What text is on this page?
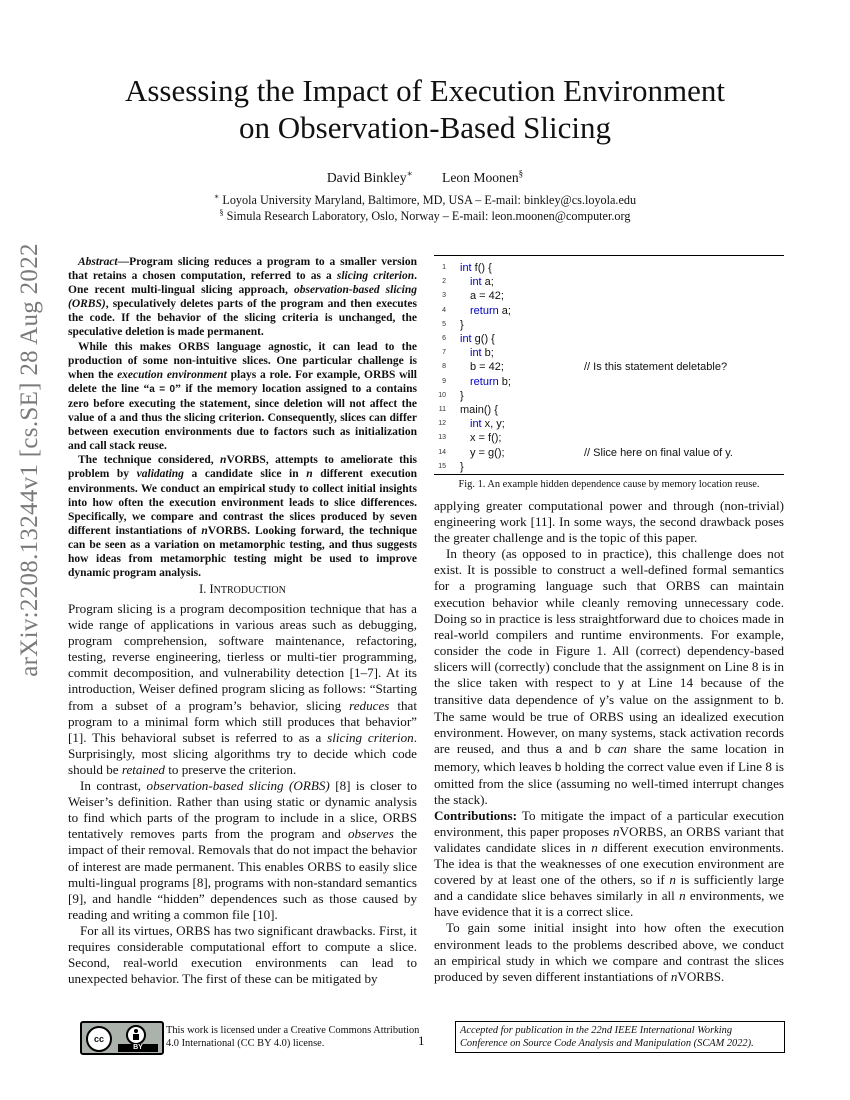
arXiv:2208.13244v1 [cs.SE] 28 Aug 2022
Assessing the Impact of Execution Environment
on Observation-Based Slicing
David Binkley∗ Leon Moonen§
∗ Loyola University Maryland, Baltimore, MD, USA – E-mail: binkley@cs.loyola.edu
§ Simula Research Laboratory, Oslo, Norway – E-mail: leon.moonen@computer.org

Abstract—Program slicing reduces a program to a smaller version that retains a chosen computation, referred to as a slicing criterion. One recent multi-lingual slicing approach, observation-based slicing (ORBS), speculatively deletes parts of the program and then executes the code. If the behavior of the slicing criteria is unchanged, the speculative deletion is made permanent.

While this makes ORBS language agnostic, it can lead to the production of some non-intuitive slices. One particular challenge is when the execution environment plays a role. For example, ORBS will delete the line “a = 0” if the memory location assigned to a contains zero before executing the statement, since deletion will not affect the value of a and thus the slicing criterion. Consequently, slices can differ between execution environments due to factors such as initialization and call stack reuse.

The technique considered, nVORBS, attempts to ameliorate this problem by validating a candidate slice in n different execution environments. We conduct an empirical study to collect initial insights into how often the execution environment leads to slice differences. Specifically, we compare and contrast the slices produced by seven different instantiations of nVORBS. Looking forward, the technique can be seen as a variation on metamorphic testing, and thus suggests how ideas from metamorphic testing might be used to improve dynamic program analysis.

I. INTRODUCTION

Program slicing is a program decomposition technique that has a wide range of applications in various areas such as debugging, program comprehension, software maintenance, refactoring, testing, reverse engineering, tierless or multi-tier programming, commit decomposition, and vulnerability detection [1–7]. At its introduction, Weiser defined program slicing as follows: “Starting from a subset of a program’s behavior, slicing reduces that program to a minimal form which still produces that behavior” [1]. This behavioral subset is referred to as a slicing criterion. Surprisingly, most slicing algorithms try to decide which code should be retained to preserve the criterion.

In contrast, observation-based slicing (ORBS) [8] is closer to Weiser’s definition. Rather than using static or dynamic analysis to find which parts of the program to include in a slice, ORBS tentatively removes parts from the program and observes the impact of their removal. Removals that do not impact the behavior of interest are made permanent. This enables ORBS to easily slice multi-lingual programs [8], programs with non-standard semantics [9], and handle “hidden” dependences such as those caused by reading and writing a common file [10].

For all its virtues, ORBS has two significant drawbacks. First, it requires considerable computational effort to compute a slice. Second, real-world execution environments can lead to unexpected behavior. The first of these can be mitigated by

1 int f() {
2 int a;
3 a = 42;
4 return a;
5 }
6 int g() {
7 int b;
8 b = 42;	// Is this statement deletable?
9 return b;
10 }
11 main() {
12 int x, y;
13 x = f();
14 y = g();	// Slice here on final value of y.
15 }
Fig. 1. An example hidden dependence cause by memory location reuse.

applying greater computational power and through (non-trivial) engineering work [11]. In some ways, the second drawback poses the greater challenge and is the topic of this paper.

In theory (as opposed to in practice), this challenge does not exist. It is possible to construct a well-defined formal semantics for a programing language such that ORBS can maintain execution behavior while cleanly removing unnecessary code. Doing so in practice is less straightforward due to choices made in real-world compilers and runtime environments. For example, consider the code in Figure 1. All (correct) dependency-based slicers will (correctly) conclude that the assignment on Line 8 is in the slice taken with respect to y at Line 14 because of the transitive data dependence of y’s value on the assignment to b. The same would be true of ORBS using an idealized execution environment. However, on many systems, stack activation records are reused, and thus a and b can share the same location in memory, which leaves b holding the correct value even if Line 8 is omitted from the slice (assuming no well-timed interrupt changes the stack).

Contributions: To mitigate the impact of a particular execution environment, this paper proposes nVORBS, an ORBS variant that validates candidate slices in n different execution environments. The idea is that the weaknesses of one execution environment are covered by at least one of the others, so if n is sufficiently large and a candidate slice behaves similarly in all n environments, we have evidence that it is a correct slice.

To gain some initial insight into how often the execution environment leads to the problems described above, we conduct an empirical study in which we compare and contrast the slices produced by seven different instantiations of nVORBS.

cc
BY
This work is licensed under a Creative Commons Attribution 4.0 International (CC BY 4.0) license.	1
Accepted for publication in the 22nd IEEE International Working Conference on Source Code Analysis and Manipulation (SCAM 2022).
